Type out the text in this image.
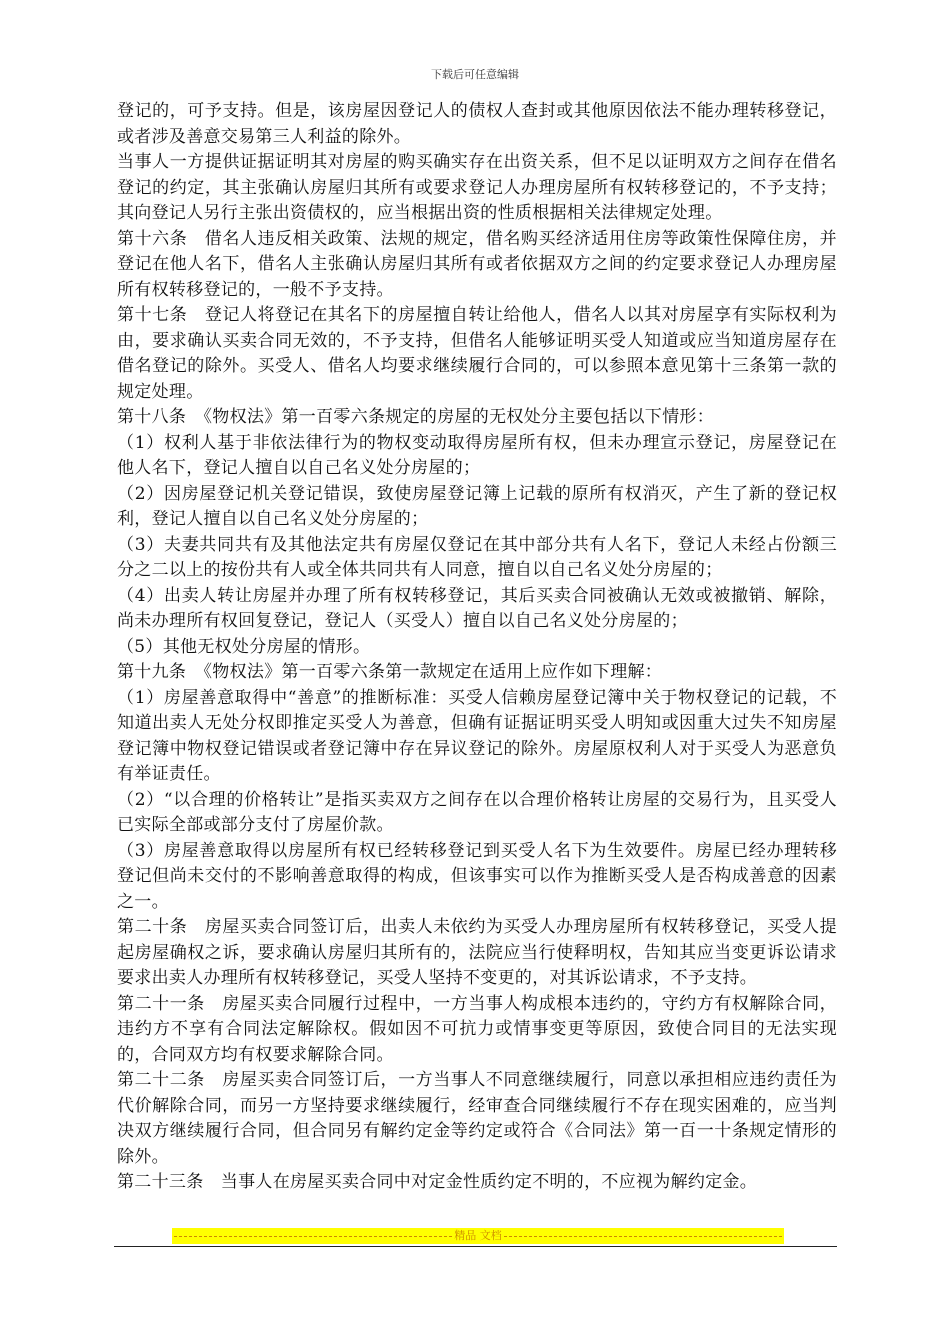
下载后可任意编辑

登记的，可予支持。但是，该房屋因登记人的债权人查封或其他原因依法不能办理转移登记，或者涉及善意交易第三人利益的除外。

当事人一方提供证据证明其对房屋的购买确实存在出资关系，但不足以证明双方之间存在借名登记的约定，其主张确认房屋归其所有或要求登记人办理房屋所有权转移登记的，不予支持；其向登记人另行主张出资债权的，应当根据出资的性质根据相关法律规定处理。

第十六条　借名人违反相关政策、法规的规定，借名购买经济适用住房等政策性保障住房，并登记在他人名下，借名人主张确认房屋归其所有或者依据双方之间的约定要求登记人办理房屋所有权转移登记的，一般不予支持。

第十七条　登记人将登记在其名下的房屋擅自转让给他人，借名人以其对房屋享有实际权利为由，要求确认买卖合同无效的，不予支持，但借名人能够证明买受人知道或应当知道房屋存在借名登记的除外。买受人、借名人均要求继续履行合同的，可以参照本意见第十三条第一款的规定处理。

第十八条　《物权法》第一百零六条规定的房屋的无权处分主要包括以下情形：

（1）权利人基于非依法律行为的物权变动取得房屋所有权，但未办理宣示登记，房屋登记在他人名下，登记人擅自以自己名义处分房屋的；

（2）因房屋登记机关登记错误，致使房屋登记簿上记载的原所有权消灭，产生了新的登记权利，登记人擅自以自己名义处分房屋的；

（3）夫妻共同共有及其他法定共有房屋仅登记在其中部分共有人名下，登记人未经占份额三分之二以上的按份共有人或全体共同共有人同意，擅自以自己名义处分房屋的；

（4）出卖人转让房屋并办理了所有权转移登记，其后买卖合同被确认无效或被撤销、解除，尚未办理所有权回复登记，登记人（买受人）擅自以自己名义处分房屋的；

（5）其他无权处分房屋的情形。

第十九条　《物权法》第一百零六条第一款规定在适用上应作如下理解：

（1）房屋善意取得中“善意”的推断标准：买受人信赖房屋登记簿中关于物权登记的记载，不知道出卖人无处分权即推定买受人为善意，但确有证据证明买受人明知或因重大过失不知房屋登记簿中物权登记错误或者登记簿中存在异议登记的除外。房屋原权利人对于买受人为恶意负有举证责任。

（2）“以合理的价格转让”是指买卖双方之间存在以合理价格转让房屋的交易行为，且买受人已实际全部或部分支付了房屋价款。

（3）房屋善意取得以房屋所有权已经转移登记到买受人名下为生效要件。房屋已经办理转移登记但尚未交付的不影响善意取得的构成，但该事实可以作为推断买受人是否构成善意的因素之一。

第二十条　房屋买卖合同签订后，出卖人未依约为买受人办理房屋所有权转移登记，买受人提起房屋确权之诉，要求确认房屋归其所有的，法院应当行使释明权，告知其应当变更诉讼请求要求出卖人办理所有权转移登记，买受人坚持不变更的，对其诉讼请求，不予支持。

第二十一条　房屋买卖合同履行过程中，一方当事人构成根本违约的，守约方有权解除合同，违约方不享有合同法定解除权。假如因不可抗力或情事变更等原因，致使合同目的无法实现的，合同双方均有权要求解除合同。

第二十二条　房屋买卖合同签订后，一方当事人不同意继续履行，同意以承担相应违约责任为代价解除合同，而另一方坚持要求继续履行，经审查合同继续履行不存在现实困难的，应当判决双方继续履行合同，但合同另有解约定金等约定或符合《合同法》第一百一十条规定情形的除外。

第二十三条　当事人在房屋买卖合同中对定金性质约定不明的，不应视为解约定金。

精品 文档
